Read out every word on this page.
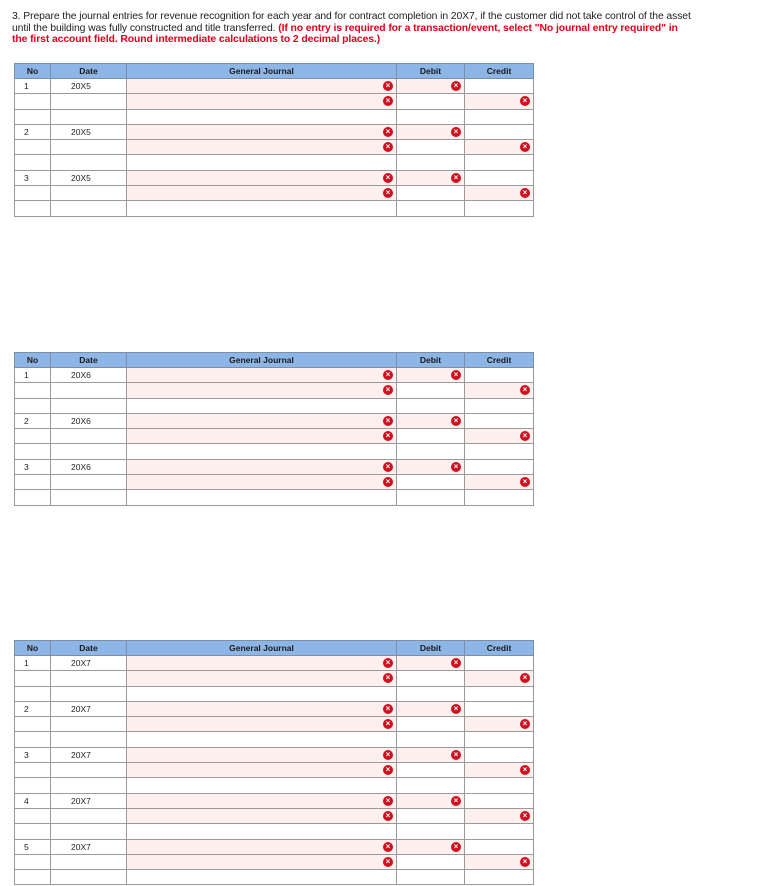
3. Prepare the journal entries for revenue recognition for each year and for contract completion in 20X7, if the customer did not take control of the asset until the building was fully constructed and title transferred. (If no entry is required for a transaction/event, select "No journal entry required" in the first account field. Round intermediate calculations to 2 decimal places.)
No	Date	General Journal	Debit	Credit
1	20X5	×	×	

		×		×

2	20X5	×	×	

		×		×

3	20X5	×	×	

		×		×

No	Date	General Journal	Debit	Credit
1	20X6	×	×	

		×		×

2	20X6	×	×	

		×		×

3	20X6	×	×	

		×		×

No	Date	General Journal	Debit	Credit
1	20X7	×	×	

		×		×

2	20X7	×	×	

		×		×

3	20X7	×	×	

		×		×

4	20X7	×	×	

		×		×

5	20X7	×	×	

		×		×
